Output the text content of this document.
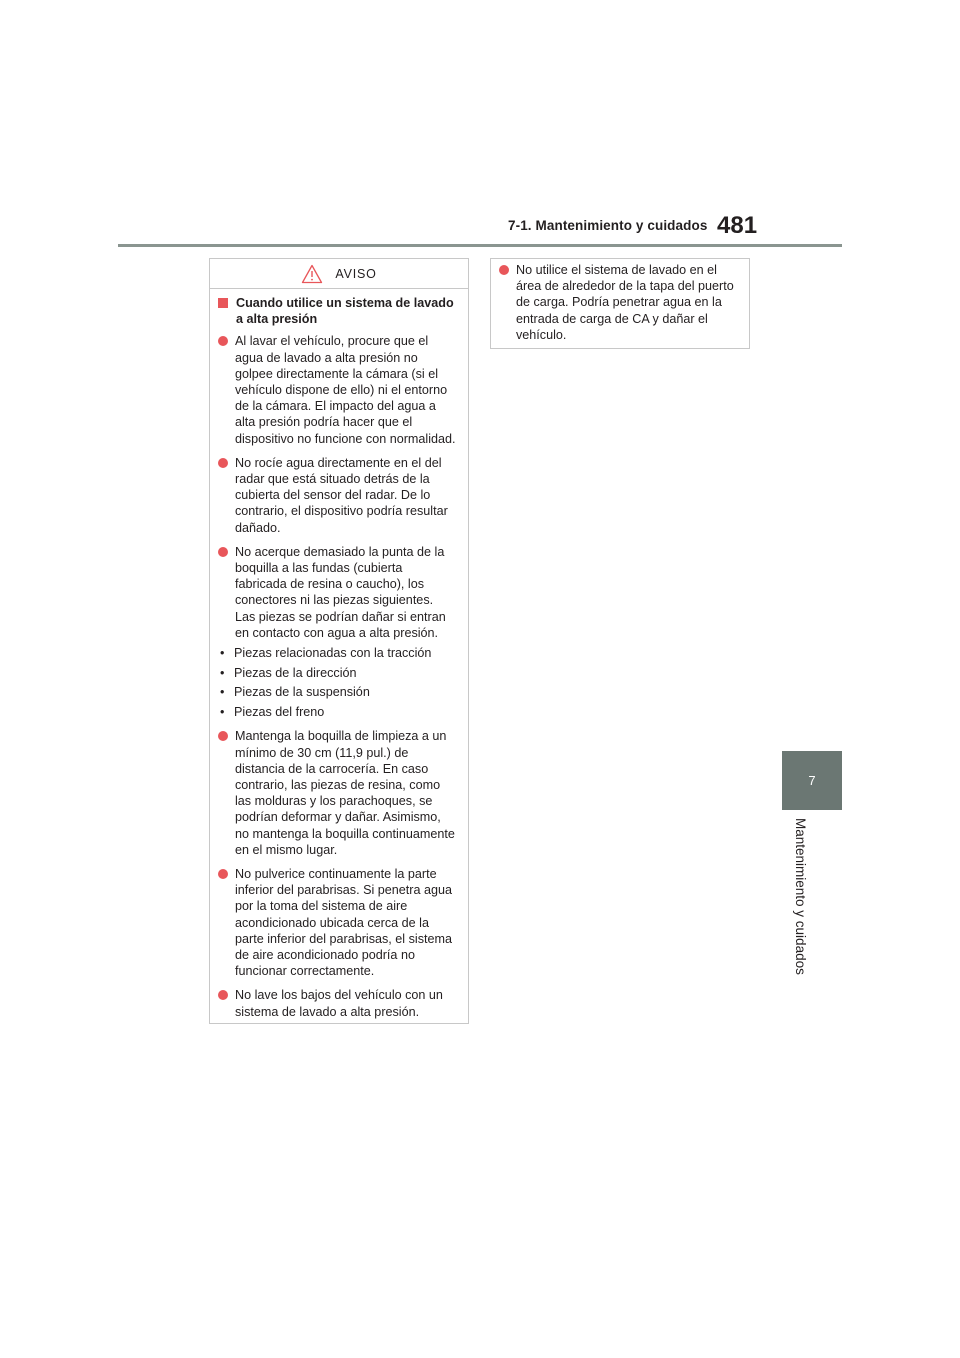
7-1. Mantenimiento y cuidados 481
7
Mantenimiento y cuidados
AVISO
Cuando utilice un sistema de lavado a alta presión
Al lavar el vehículo, procure que el agua de lavado a alta presión no golpee directamente la cámara (si el vehículo dispone de ello) ni el entorno de la cámara. El impacto del agua a alta presión podría hacer que el dispositivo no funcione con normalidad.
No rocíe agua directamente en el del radar que está situado detrás de la cubierta del sensor del radar. De lo contrario, el dispositivo podría resultar dañado.
No acerque demasiado la punta de la boquilla a las fundas (cubierta fabricada de resina o caucho), los conectores ni las piezas siguientes. Las piezas se podrían dañar si entran en contacto con agua a alta presión.
• Piezas relacionadas con la tracción
• Piezas de la dirección
• Piezas de la suspensión
• Piezas del freno
Mantenga la boquilla de limpieza a un mínimo de 30 cm (11,9 pul.) de distancia de la carrocería. En caso contrario, las piezas de resina, como las molduras y los parachoques, se podrían deformar y dañar. Asimismo, no mantenga la boquilla continuamente en el mismo lugar.
No pulverice continuamente la parte inferior del parabrisas. Si penetra agua por la toma del sistema de aire acondicionado ubicada cerca de la parte inferior del parabrisas, el sistema de aire acondicionado podría no funcionar correctamente.
No lave los bajos del vehículo con un sistema de lavado a alta presión.
No utilice el sistema de lavado en el área de alrededor de la tapa del puerto de carga. Podría penetrar agua en la entrada de carga de CA y dañar el vehículo.
